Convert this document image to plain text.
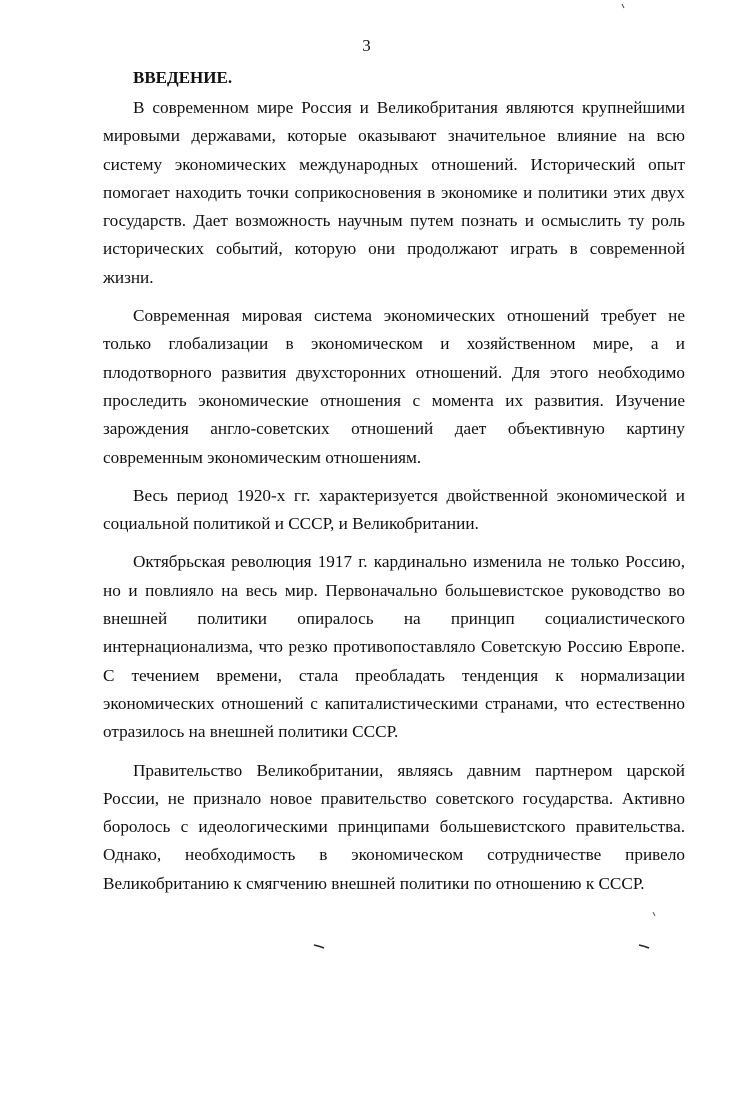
3
ВВЕДЕНИЕ.

В современном мире Россия и Великобритания являются крупнейшими мировыми державами, которые оказывают значительное влияние на всю систему экономических международных отношений. Исторический опыт помогает находить точки соприкосновения в экономике и политики этих двух государств. Дает возможность научным путем познать и осмыслить ту роль исторических событий, которую они продолжают играть в современной жизни.

Современная мировая система экономических отношений требует не только глобализации в экономическом и хозяйственном мире, а и плодотворного развития двухсторонних отношений. Для этого необходимо проследить экономические отношения с момента их развития. Изучение зарождения англо-советских отношений дает объективную картину современным экономическим отношениям.

Весь период 1920-х гг. характеризуется двойственной экономической и социальной политикой и СССР, и Великобритании.

Октябрьская революция 1917 г. кардинально изменила не только Россию, но и повлияло на весь мир. Первоначально большевистское руководство во внешней политики опиралось на принцип социалистического интернационализма, что резко противопоставляло Советскую Россию Европе. С течением времени, стала преобладать тенденция к нормализации экономических отношений с капиталистическими странами, что естественно отразилось на внешней политики СССР.

Правительство Великобритании, являясь давним партнером царской России, не признало новое правительство советского государства. Активно боролось с идеологическими принципами большевистского правительства. Однако, необходимость в экономическом сотрудничестве привело Великобританию к смягчению внешней политики по отношению к СССР.
